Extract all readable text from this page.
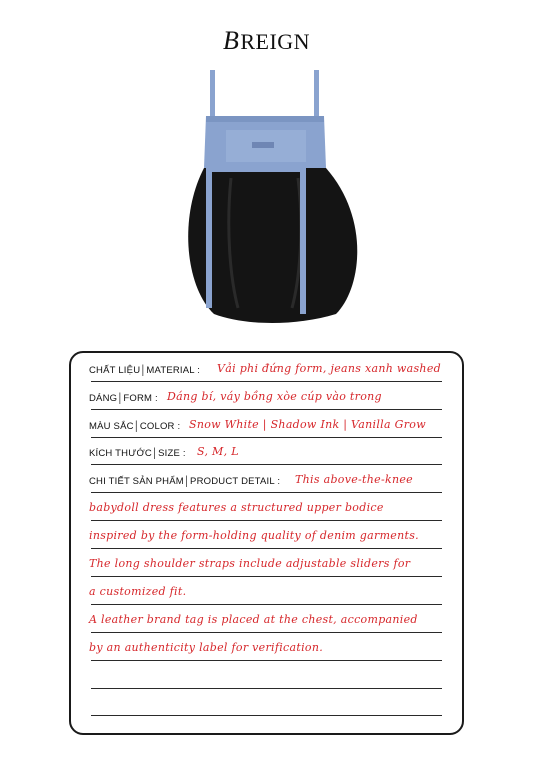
BREIGN
CHẤT LIỆU│MATERIAL : Vải phi đứng form, jeans xanh washed
DÁNG│FORM : Dáng bí, váy bồng xòe cúp vào trong
MÀU SẮC│COLOR : Snow White | Shadow Ink | Vanilla Grow
KÍCH THƯỚC│SIZE : S, M, L
CHI TIẾT SẢN PHẨM│PRODUCT DETAIL : This above-the-knee
babydoll dress features a structured upper bodice
inspired by the form-holding quality of denim garments.
The long shoulder straps include adjustable sliders for
a customized fit.
A leather brand tag is placed at the chest, accompanied
by an authenticity label for verification.
